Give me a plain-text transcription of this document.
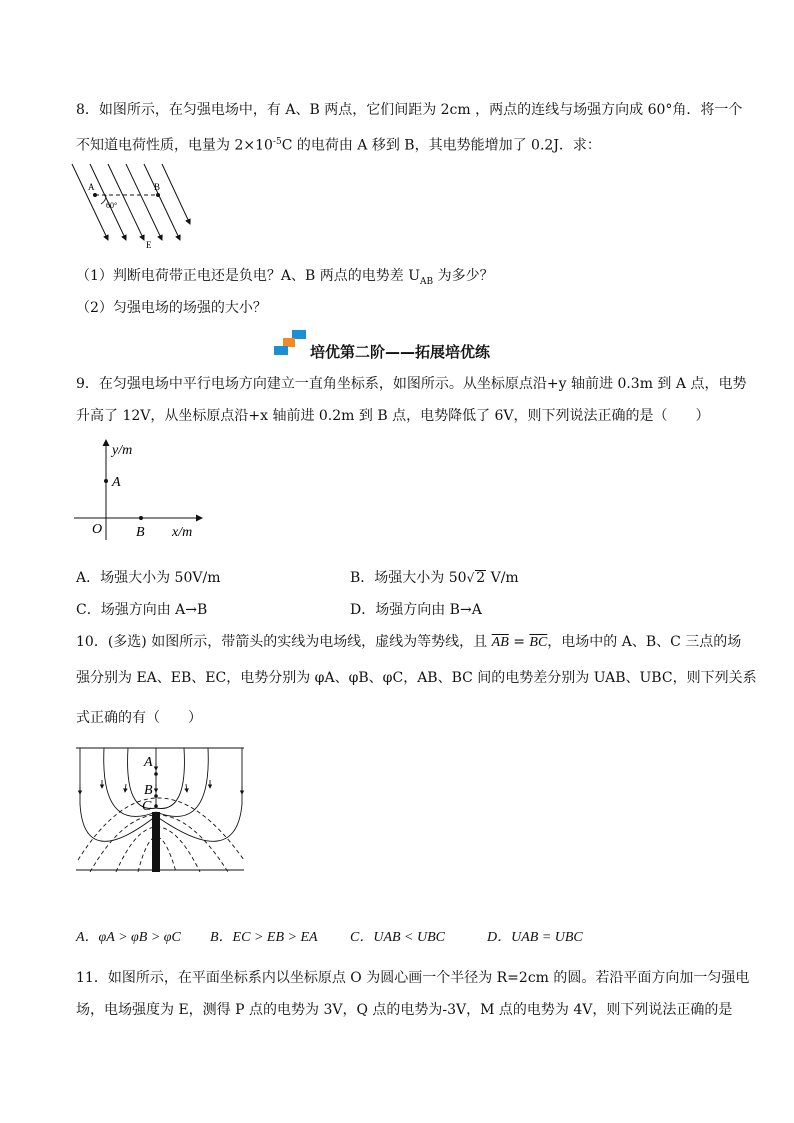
8．如图所示，在匀强电场中，有 A、B 两点，它们间距为 2cm ，两点的连线与场强方向成 60°角．将一个
不知道电荷性质，电量为 $2\times 10^{-5}C$ 的电荷由 A 移到 B，其电势能增加了 0.2J．求：
A	B
60°
E
（1）判断电荷带正电还是负电？A、B 两点的电势差 $U_{AB}$ 为多少？
（2）匀强电场的场强的大小？
培优第二阶——拓展培优练
9．在匀强电场中平行电场方向建立一直角坐标系，如图所示。从坐标原点沿+y 轴前进 0.3m 到 A 点，电势
升高了 12V，从坐标原点沿+x 轴前进 0.2m 到 B 点，电势降低了 6V，则下列说法正确的是（　　）
y/m
x/m
A
B
O
A．场强大小为 50V/m	B．场强大小为 50√ 2 V/m
C．场强方向由 A→B	D．场强方向由 B→A
10．(多选) 如图所示，带箭头的实线为电场线，虚线为等势线，且 $\overline{AB} = \overline{BC}$，电场中的 A、B、C 三点的场
强分别为 EA、EB、EC，电势分别为 φA、φB、φC，AB、BC 间的电势差分别为 UAB、UBC，则下列关系
式正确的有（　　）
A
B
C
A．φA > φB > φC B．EC > EB > EA C．UAB < UBC	D．UAB = UBC
11．如图所示，在平面坐标系内以坐标原点 O 为圆心画一个半径为 R=2cm 的圆。若沿平面方向加一匀强电
场，电场强度为 E，测得 P 点的电势为 3V，Q 点的电势为-3V，M 点的电势为 4V，则下列说法正确的是
